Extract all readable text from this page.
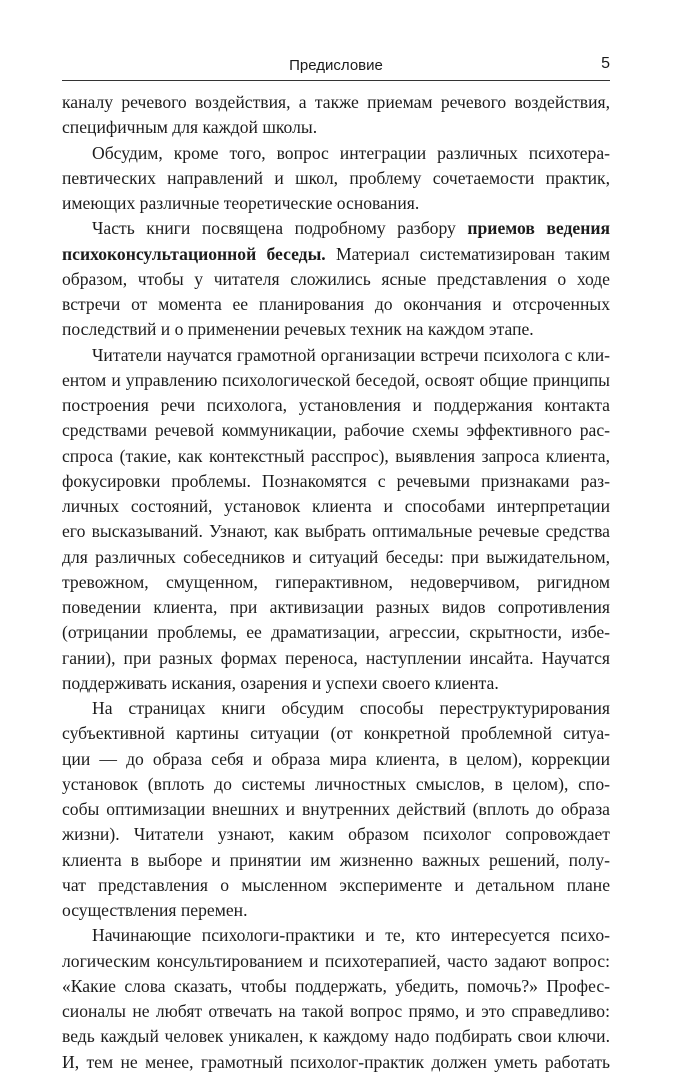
Предисловие	5
каналу речевого воздействия, а также приемам речевого воздействия,
специфичным для каждой школы.
Обсудим, кроме того, вопрос интеграции различных психотера-
певтических направлений и школ, проблему сочетаемости практик,
имеющих различные теоретические основания.
Часть книги посвящена подробному разбору приемов ведения
психоконсультационной беседы. Материал систематизирован таким
образом, чтобы у читателя сложились ясные представления о ходе
встречи от момента ее планирования до окончания и отсроченных
последствий и о применении речевых техник на каждом этапе.
Читатели научатся грамотной организации встречи психолога с кли-
ентом и управлению психологической беседой, освоят общие принципы
построения речи психолога, установления и поддержания контакта
средствами речевой коммуникации, рабочие схемы эффективного рас-
спроса (такие, как контекстный расспрос), выявления запроса клиента,
фокусировки проблемы. Познакомятся с речевыми признаками раз-
личных состояний, установок клиента и способами интерпретации
его высказываний. Узнают, как выбрать оптимальные речевые средства
для различных собеседников и ситуаций беседы: при выжидательном,
тревожном, смущенном, гиперактивном, недоверчивом, ригидном
поведении клиента, при активизации разных видов сопротивления
(отрицании проблемы, ее драматизации, агрессии, скрытности, избе-
гании), при разных формах переноса, наступлении инсайта. Научатся
поддерживать искания, озарения и успехи своего клиента.
На страницах книги обсудим способы переструктурирования
субъективной картины ситуации (от конкретной проблемной ситуа-
ции — до образа себя и образа мира клиента, в целом), коррекции
установок (вплоть до системы личностных смыслов, в целом), спо-
собы оптимизации внешних и внутренних действий (вплоть до образа
жизни). Читатели узнают, каким образом психолог сопровождает
клиента в выборе и принятии им жизненно важных решений, полу-
чат представления о мысленном эксперименте и детальном плане
осуществления перемен.
Начинающие психологи-практики и те, кто интересуется психо-
логическим консультированием и психотерапией, часто задают вопрос:
«Какие слова сказать, чтобы поддержать, убедить, помочь?» Профес-
сионалы не любят отвечать на такой вопрос прямо, и это справедливо:
ведь каждый человек уникален, к каждому надо подбирать свои ключи.
И, тем не менее, грамотный психолог-практик должен уметь работать
